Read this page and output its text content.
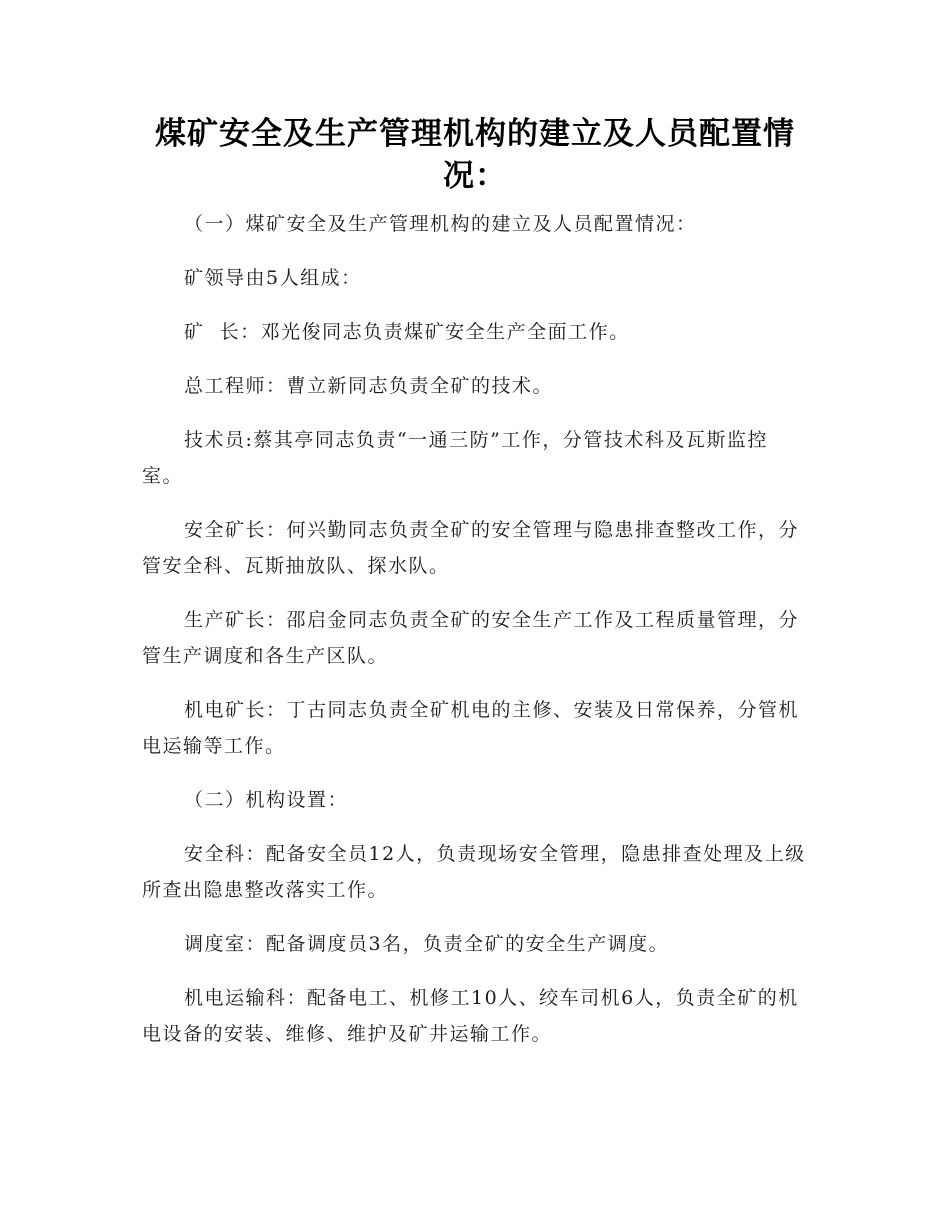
煤矿安全及生产管理机构的建立及人员配置情况：

（一）煤矿安全及生产管理机构的建立及人员配置情况：

矿领导由5人组成：

矿  长：邓光俊同志负责煤矿安全生产全面工作。

总工程师：曹立新同志负责全矿的技术。

技术员:蔡其亭同志负责“一通三防”工作，分管技术科及瓦斯监控室。

安全矿长：何兴勤同志负责全矿的安全管理与隐患排查整改工作，分管安全科、瓦斯抽放队、探水队。

生产矿长：邵启金同志负责全矿的安全生产工作及工程质量管理，分管生产调度和各生产区队。

机电矿长：丁古同志负责全矿机电的主修、安装及日常保养，分管机电运输等工作。

（二）机构设置：

安全科：配备安全员12人，负责现场安全管理，隐患排查处理及上级所查出隐患整改落实工作。

调度室：配备调度员3名，负责全矿的安全生产调度。

机电运输科：配备电工、机修工10人、绞车司机6人，负责全矿的机电设备的安装、维修、维护及矿井运输工作。
